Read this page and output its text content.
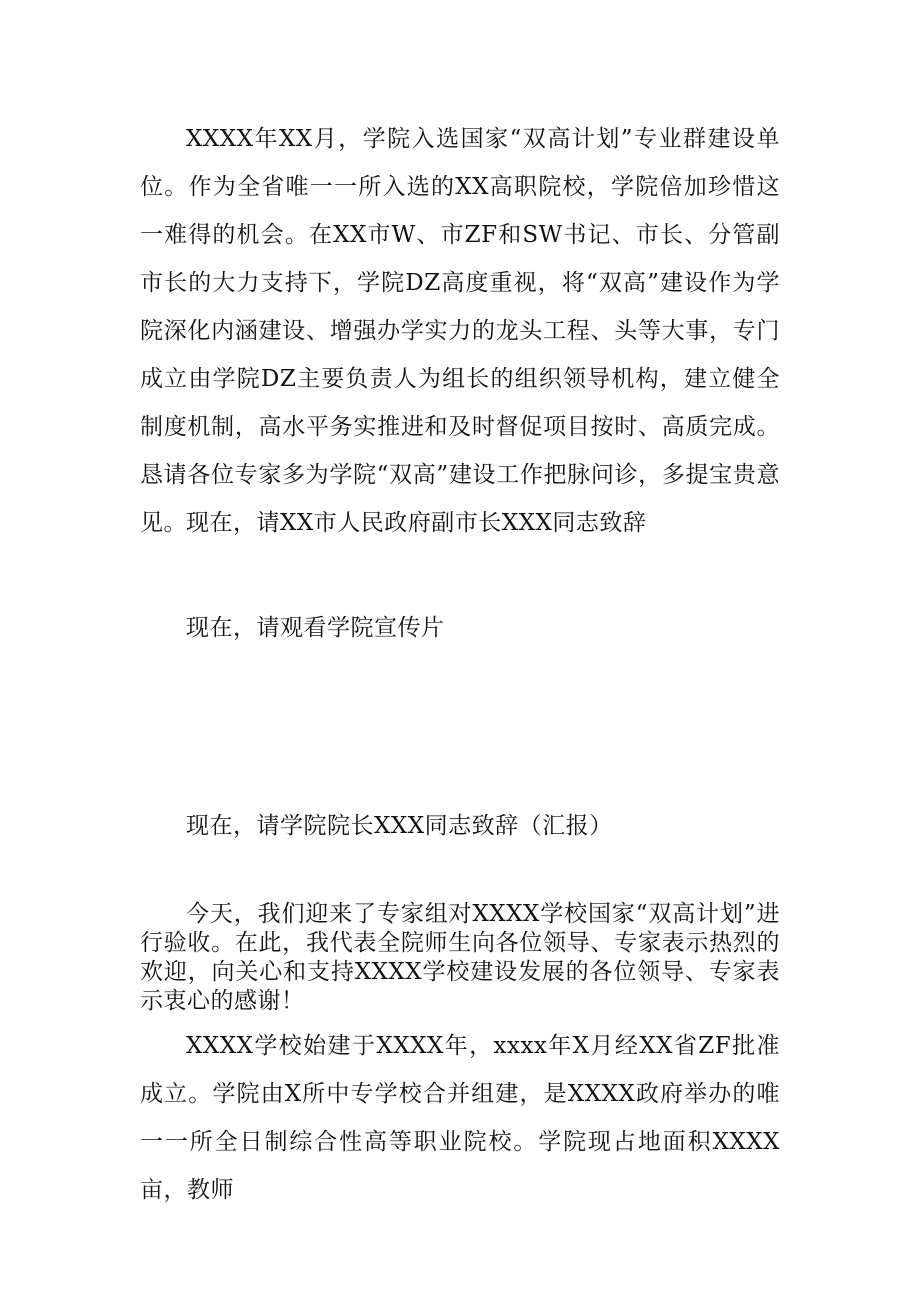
XXXX年XX月，学院入选国家“双高计划”专业群建设单位。作为全省唯一一所入选的XX高职院校，学院倍加珍惜这一难得的机会。在XX市W、市ZF和SW书记、市长、分管副市长的大力支持下，学院DZ高度重视，将“双高”建设作为学院深化内涵建设、增强办学实力的龙头工程、头等大事，专门成立由学院DZ主要负责人为组长的组织领导机构，建立健全制度机制，高水平务实推进和及时督促项目按时、高质完成。恳请各位专家多为学院“双高”建设工作把脉问诊，多提宝贵意见。 现在，请XX市人民政府副市长XXX同志致辞

现在，请观看学院宣传片

现在，请学院院长XXX同志致辞（汇报）

今天，我们迎来了专家组对XXXX学校国家“双高计划”进行验收。在此，我代表全院师生向各位领导、专家表示热烈的欢迎，向关心和支持XXXX学校建设发展的各位领导、专家表示衷心的感谢！

XXXX学校始建于XXXX年，xxxx年X月经XX省ZF批准成立。学院由X所中专学校合并组建，是XXXX政府举办的唯一一所全日制综合性高等职业院校。学院现占地面积XXXX亩，教师
